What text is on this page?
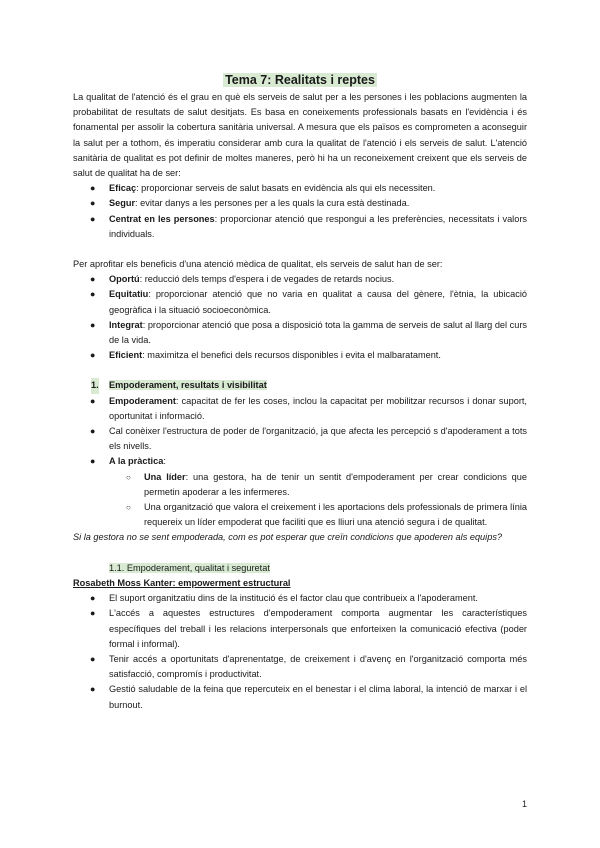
Tema 7: Realitats i reptes

La qualitat de l'atenció és el grau en què els serveis de salut per a les persones i les poblacions augmenten la probabilitat de resultats de salut desitjats. Es basa en coneixements professionals basats en l'evidència i és fonamental per assolir la cobertura sanitària universal. A mesura que els països es comprometen a aconseguir la salut per a tothom, és imperatiu considerar amb cura la qualitat de l'atenció i els serveis de salut. L'atenció sanitària de qualitat es pot definir de moltes maneres, però hi ha un reconeixement creixent que els serveis de salut de qualitat ha de ser:

● Eficaç: proporcionar serveis de salut basats en evidència als qui els necessiten.
● Segur: evitar danys a les persones per a les quals la cura està destinada.
● Centrat en les persones: proporcionar atenció que respongui a les preferències, necessitats i valors individuals.

Per aprofitar els beneficis d'una atenció mèdica de qualitat, els serveis de salut han de ser:

● Oportú: reducció dels temps d'espera i de vegades de retards nocius.
● Equitatiu: proporcionar atenció que no varia en qualitat a causa del gènere, l'ètnia, la ubicació geogràfica i la situació socioeconòmica.
● Integrat: proporcionar atenció que posa a disposició tota la gamma de serveis de salut al llarg del curs de la vida.
● Eficient: maximitza el benefici dels recursos disponibles i evita el malbaratament.
1. Empoderament, resultats i visibilitat
● Empoderament: capacitat de fer les coses, inclou la capacitat per mobilitzar recursos i donar suport, oportunitat i informació.
● Cal conèixer l'estructura de poder de l'organització, ja que afecta les percepció s d'apoderament a tots els nivells.
● A la pràctica:
○ Una líder: una gestora, ha de tenir un sentit d'empoderament per crear condicions que permetin apoderar a les infermeres.
○ Una organització que valora el creixement i les aportacions dels professionals de primera línia requereix un líder empoderat que faciliti que es lliuri una atenció segura i de qualitat.

Si la gestora no se sent empoderada, com es pot esperar que creïn condicions que apoderen als equips?

1.1. Empoderament, qualitat i seguretat
Rosabeth Moss Kanter: empowerment estructural
● El suport organitzatiu dins de la institució és el factor clau que contribueix a l'apoderament.
● L'accés a aquestes estructures d'empoderament comporta augmentar les característiques específiques del treball i les relacions interpersonals que enforteixen la comunicació efectiva (poder formal i informal).
● Tenir accés a oportunitats d'aprenentatge, de creixement i d'avenç en l'organització comporta més satisfacció, compromís i productivitat.
● Gestió saludable de la feina que repercuteix en el benestar i el clima laboral, la intenció de marxar i el burnout.
1
